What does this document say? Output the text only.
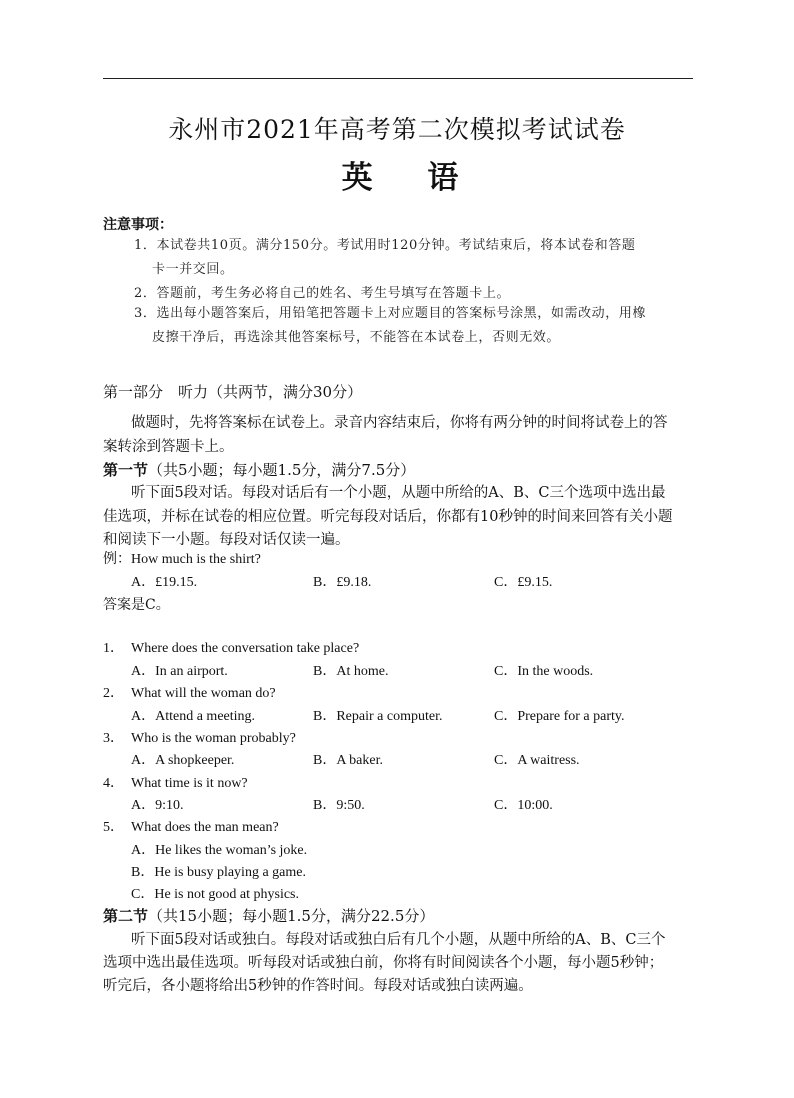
永州市2021年高考第二次模拟考试试卷
英 语
注意事项：
1．本试卷共10页。满分150分。考试用时120分钟。考试结束后，将本试卷和答题
卡一并交回。
2．答题前，考生务必将自己的姓名、考生号填写在答题卡上。
3．选出每小题答案后，用铅笔把答题卡上对应题目的答案标号涂黑，如需改动，用橡
皮擦干净后，再选涂其他答案标号，不能答在本试卷上，否则无效。
第一部分　听力（共两节，满分30分）
做题时，先将答案标在试卷上。录音内容结束后，你将有两分钟的时间将试卷上的答
案转涂到答题卡上。
第一节（共5小题；每小题1.5分，满分7.5分）
听下面5段对话。每段对话后有一个小题，从题中所给的A、B、C三个选项中选出最
佳选项，并标在试卷的相应位置。听完每段对话后，你都有10秒钟的时间来回答有关小题
和阅读下一小题。每段对话仅读一遍。
例：How much is the shirt?
A．£19.15.	B．£9.18.	C．£9.15.
答案是C。
1． Where does the conversation take place?
A．In an airport.	B．At home.	C．In the woods.
2． What will the woman do?
A．Attend a meeting.	B．Repair a computer.	C．Prepare for a party.
3． Who is the woman probably?
A．A shopkeeper.	B．A baker.	C．A waitress.
4． What time is it now?
A．9:10.	B．9:50.	C．10:00.
5． What does the man mean?
A．He likes the woman’s joke.
B．He is busy playing a game.
C．He is not good at physics.
第二节（共15小题；每小题1.5分，满分22.5分）
听下面5段对话或独白。每段对话或独白后有几个小题，从题中所给的A、B、C三个
选项中选出最佳选项。听每段对话或独白前，你将有时间阅读各个小题，每小题5秒钟；
听完后，各小题将给出5秒钟的作答时间。每段对话或独白读两遍。
